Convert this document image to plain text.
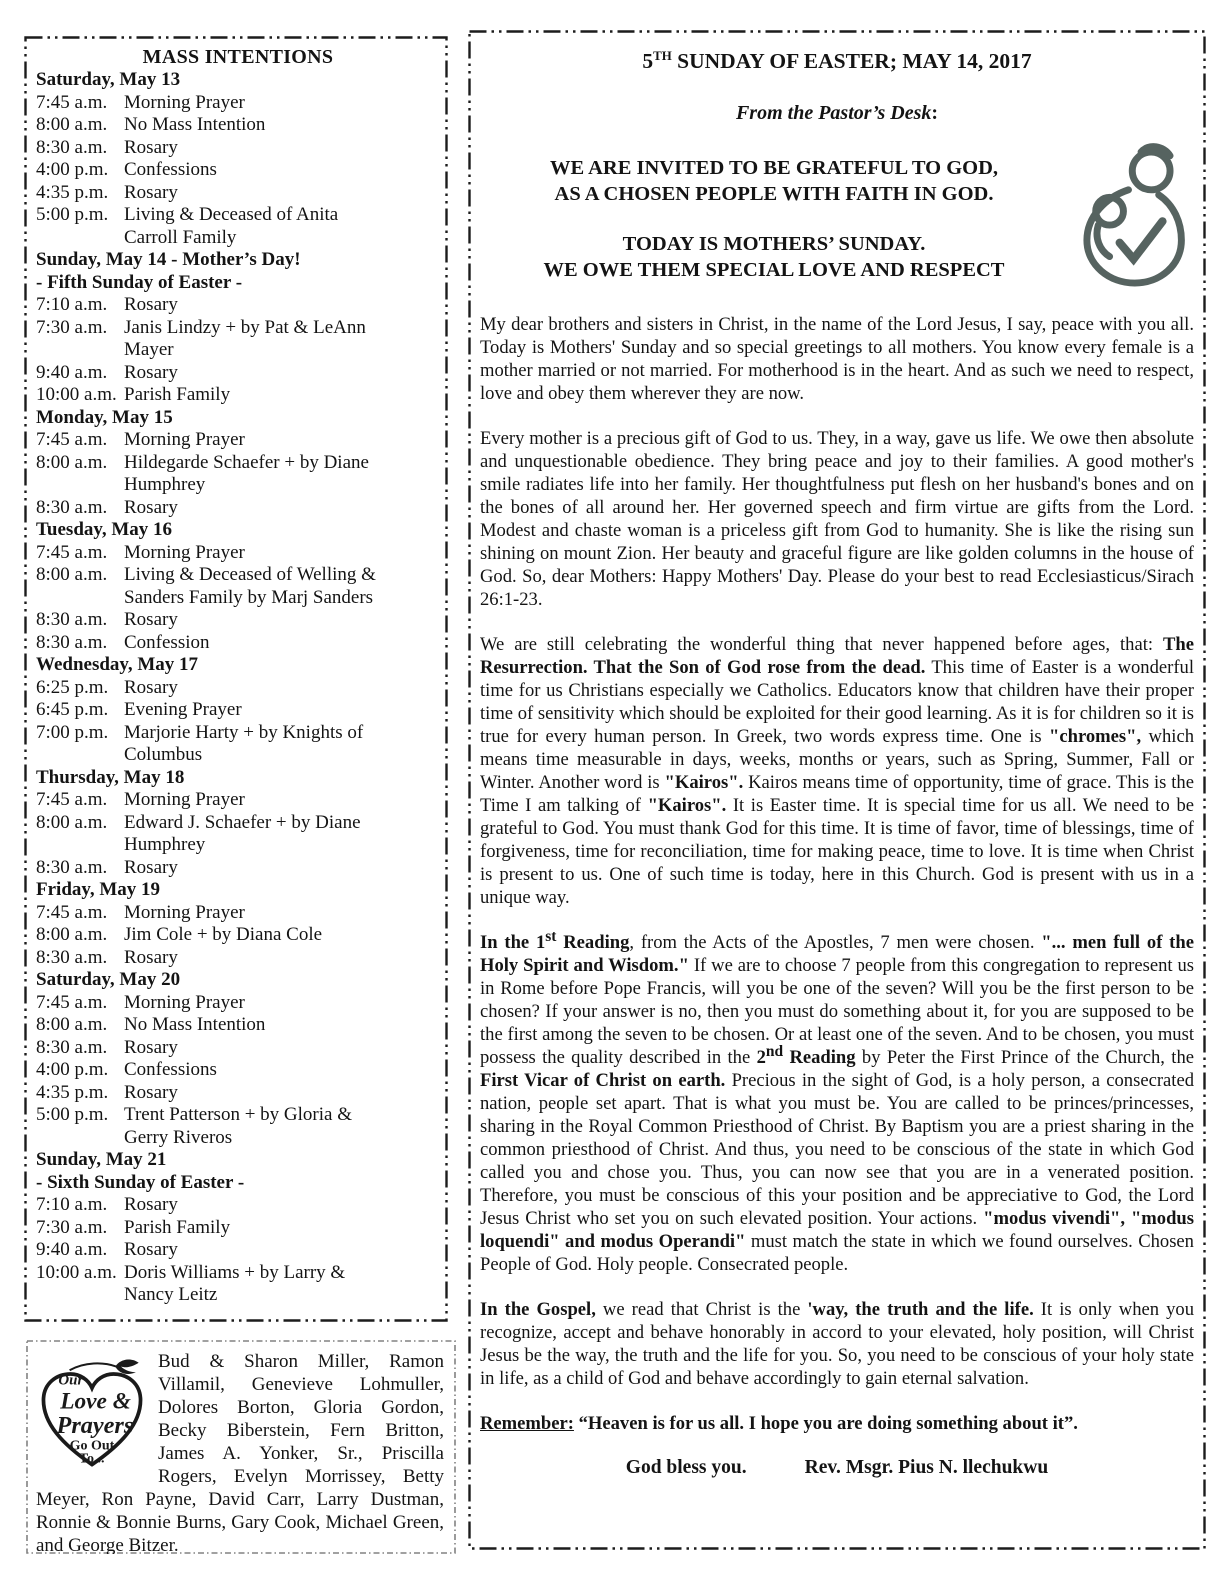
MASS INTENTIONS
Saturday, May 13
7:45 a.m. Morning Prayer
8:00 a.m. No Mass Intention
8:30 a.m. Rosary
4:00 p.m. Confessions
4:35 p.m. Rosary
5:00 p.m. Living & Deceased of Anita Carroll Family
Sunday, May 14 - Mother’s Day!
- Fifth Sunday of Easter -
7:10 a.m. Rosary
7:30 a.m. Janis Lindzy + by Pat & LeAnn Mayer
9:40 a.m. Rosary
10:00 a.m. Parish Family
Monday, May 15
7:45 a.m. Morning Prayer
8:00 a.m. Hildegarde Schaefer + by Diane Humphrey
8:30 a.m. Rosary
Tuesday, May 16
7:45 a.m. Morning Prayer
8:00 a.m. Living & Deceased of Welling & Sanders Family by Marj Sanders
8:30 a.m. Rosary
8:30 a.m. Confession
Wednesday, May 17
6:25 p.m. Rosary
6:45 p.m. Evening Prayer
7:00 p.m. Marjorie Harty + by Knights of Columbus
Thursday, May 18
7:45 a.m. Morning Prayer
8:00 a.m. Edward J. Schaefer + by Diane Humphrey
8:30 a.m. Rosary
Friday, May 19
7:45 a.m. Morning Prayer
8:00 a.m. Jim Cole + by Diana Cole
8:30 a.m. Rosary
Saturday, May 20
7:45 a.m. Morning Prayer
8:00 a.m. No Mass Intention
8:30 a.m. Rosary
4:00 p.m. Confessions
4:35 p.m. Rosary
5:00 p.m. Trent Patterson + by Gloria & Gerry Riveros
Sunday, May 21
- Sixth Sunday of Easter -
7:10 a.m. Rosary
7:30 a.m. Parish Family
9:40 a.m. Rosary
10:00 a.m. Doris Williams + by Larry & Nancy Leitz
Our
Love &
Prayers
Go Out
To...
Bud & Sharon Miller, Ramon Villamil, Genevieve Lohmuller, Dolores Borton, Gloria Gordon, Becky Biberstein, Fern Britton, James A. Yonker, Sr., Priscilla Rogers, Evelyn Morrissey, Betty Meyer, Ron Payne, David Carr, Larry Dustman, Ronnie & Bonnie Burns, Gary Cook, Michael Green, and George Bitzer.
5TH SUNDAY OF EASTER; MAY 14, 2017
From the Pastor’s Desk:
WE ARE INVITED TO BE GRATEFUL TO GOD,
AS A CHOSEN PEOPLE WITH FAITH IN GOD.
TODAY IS MOTHERS’ SUNDAY.
WE OWE THEM SPECIAL LOVE AND RESPECT

My dear brothers and sisters in Christ, in the name of the Lord Jesus, I say, peace with you all. Today is Mothers' Sunday and so special greetings to all mothers. You know every female is a mother married or not married. For motherhood is in the heart. And as such we need to respect, love and obey them wherever they are now.

Every mother is a precious gift of God to us. They, in a way, gave us life. We owe then absolute and unquestionable obedience. They bring peace and joy to their families. A good mother's smile radiates life into her family. Her thoughtfulness put flesh on her husband's bones and on the bones of all around her. Her governed speech and firm virtue are gifts from the Lord. Modest and chaste woman is a priceless gift from God to humanity. She is like the rising sun shining on mount Zion. Her beauty and graceful figure are like golden columns in the house of God. So, dear Mothers: Happy Mothers' Day. Please do your best to read Ecclesiasticus/Sirach 26:1-23.

We are still celebrating the wonderful thing that never happened before ages, that: The Resurrection. That the Son of God rose from the dead. This time of Easter is a wonderful time for us Christians especially we Catholics. Educators know that children have their proper time of sensitivity which should be exploited for their good learning. As it is for children so it is true for every human person. In Greek, two words express time. One is "chromes", which means time measurable in days, weeks, months or years, such as Spring, Summer, Fall or Winter. Another word is "Kairos". Kairos means time of opportunity, time of grace. This is the Time I am talking of "Kairos". It is Easter time. It is special time for us all. We need to be grateful to God. You must thank God for this time. It is time of favor, time of blessings, time of forgiveness, time for reconciliation, time for making peace, time to love. It is time when Christ is present to us. One of such time is today, here in this Church. God is present with us in a unique way.

In the 1st Reading, from the Acts of the Apostles, 7 men were chosen. "... men full of the Holy Spirit and Wisdom." If we are to choose 7 people from this congregation to represent us in Rome before Pope Francis, will you be one of the seven? Will you be the first person to be chosen? If your answer is no, then you must do something about it, for you are supposed to be the first among the seven to be chosen. Or at least one of the seven. And to be chosen, you must possess the quality described in the 2nd Reading by Peter the First Prince of the Church, the First Vicar of Christ on earth. Precious in the sight of God, is a holy person, a consecrated nation, people set apart. That is what you must be. You are called to be princes/princesses, sharing in the Royal Common Priesthood of Christ. By Baptism you are a priest sharing in the common priesthood of Christ. And thus, you need to be conscious of the state in which God called you and chose you. Thus, you can now see that you are in a venerated position. Therefore, you must be conscious of this your position and be appreciative to God, the Lord Jesus Christ who set you on such elevated position. Your actions. "modus vivendi", "modus loquendi" and modus Operandi" must match the state in which we found ourselves. Chosen People of God. Holy people. Consecrated people.

In the Gospel, we read that Christ is the 'way, the truth and the life. It is only when you recognize, accept and behave honorably in accord to your elevated, holy position, will Christ Jesus be the way, the truth and the life for you. So, you need to be conscious of your holy state in life, as a child of God and behave accordingly to gain eternal salvation.

Remember: “Heaven is for us all. I hope you are doing something about it”.

God bless you.	Rev. Msgr. Pius N. llechukwu
